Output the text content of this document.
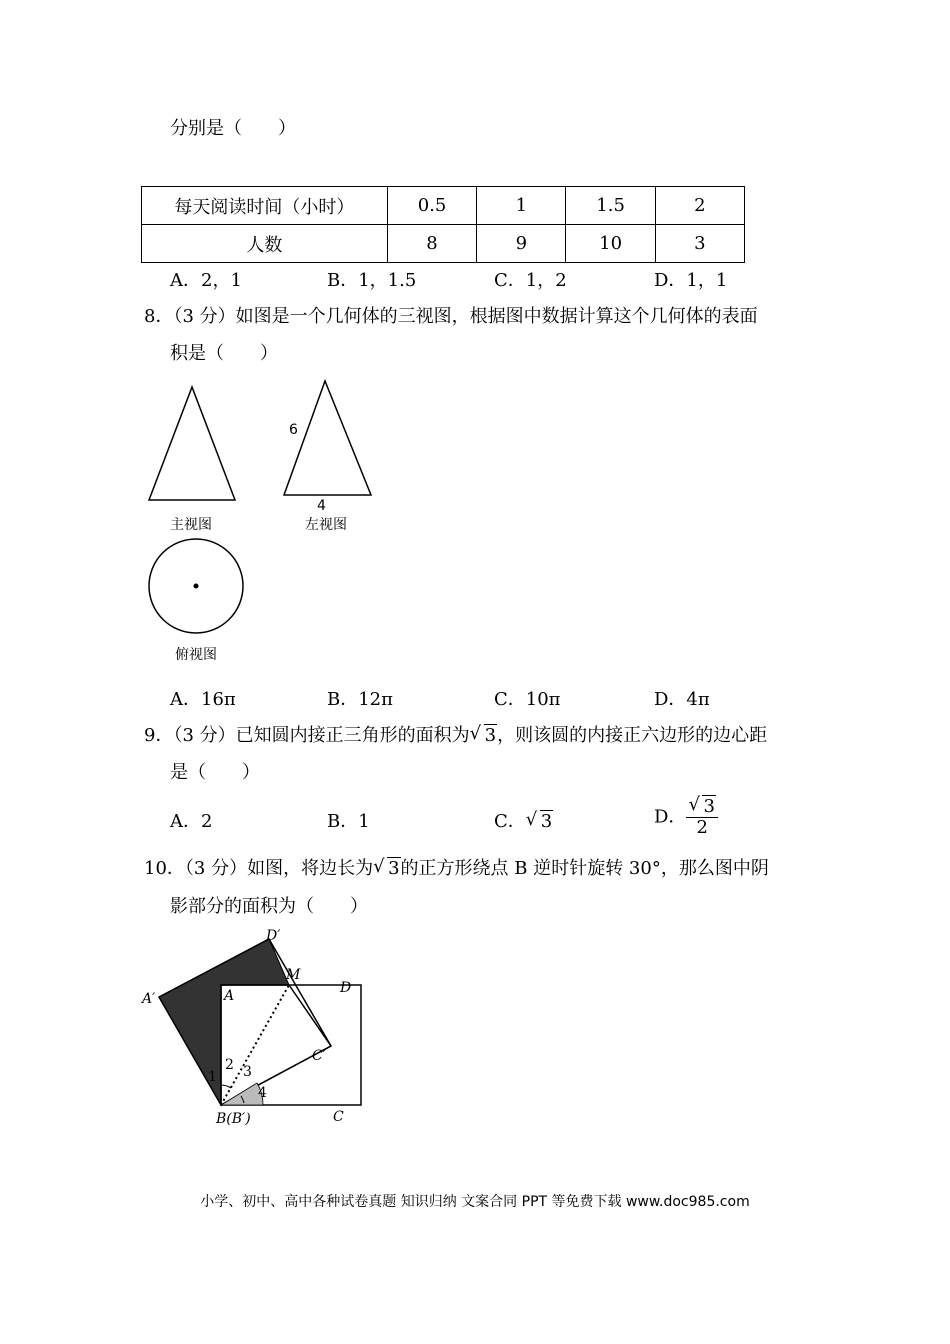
分别是（　　）
每天阅读时间（小时）	0.5	1	1.5	2
人数	8	9	10	3
A．2，1	B．1，1.5	C．1，2	D．1，1
8．（3 分）如图是一个几何体的三视图，根据图中数据计算这个几何体的表面
积是（　　）
6
4
主视图	左视图
俯视图
A．16π	B．12π	C．10π	D．4π
9．（3 分）已知圆内接正三角形的面积为 √ 3，则该圆的内接正六边形的边心距
是（　　）
A．2	B．1	C． √ 3	D． $\frac{√ 3}{2}$
10．（3 分）如图，将边长为 √ 3的正方形绕点 B 逆时针旋转 30°，那么图中阴
影部分的面积为（　　）
D′
M
D
A′	A
C′
1
2 3
4
B(B′)	C
小学、初中、高中各种试卷真题 知识归纳 文案合同 PPT 等免费下载 www.doc985.com
